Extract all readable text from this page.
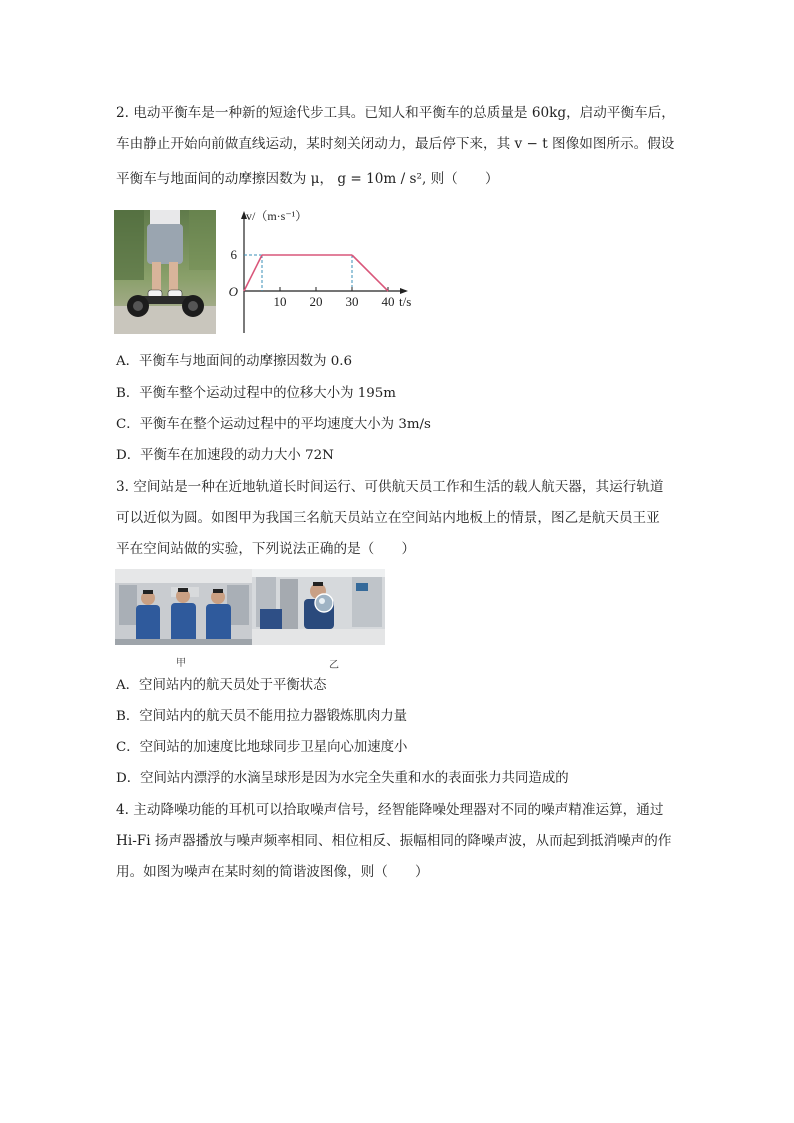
2. 电动平衡车是一种新的短途代步工具。已知人和平衡车的总质量是 60kg，启动平衡车后，
车由静止开始向前做直线运动，某时刻关闭动力，最后停下来，其 v − t 图像如图所示。假设
平衡车与地面间的动摩擦因数为 μ， g = 10m / s², 则（　　）
10 20 30 40
6
O
v/（m·s⁻¹）
t/s
A．平衡车与地面间的动摩擦因数为 0.6
B．平衡车整个运动过程中的位移大小为 195m
C．平衡车在整个运动过程中的平均速度大小为 3m/s
D．平衡车在加速段的动力大小 72N
3. 空间站是一种在近地轨道长时间运行、可供航天员工作和生活的载人航天器，其运行轨道
可以近似为圆。如图甲为我国三名航天员站立在空间站内地板上的情景，图乙是航天员王亚
平在空间站做的实验，下列说法正确的是（　　）
甲	乙
A．空间站内的航天员处于平衡状态
B．空间站内的航天员不能用拉力器锻炼肌肉力量
C．空间站的加速度比地球同步卫星向心加速度小
D．空间站内漂浮的水滴呈球形是因为水完全失重和水的表面张力共同造成的
4. 主动降噪功能的耳机可以拾取噪声信号，经智能降噪处理器对不同的噪声精准运算，通过
Hi-Fi 扬声器播放与噪声频率相同、相位相反、振幅相同的降噪声波，从而起到抵消噪声的作
用。如图为噪声在某时刻的简谐波图像，则（　　）
